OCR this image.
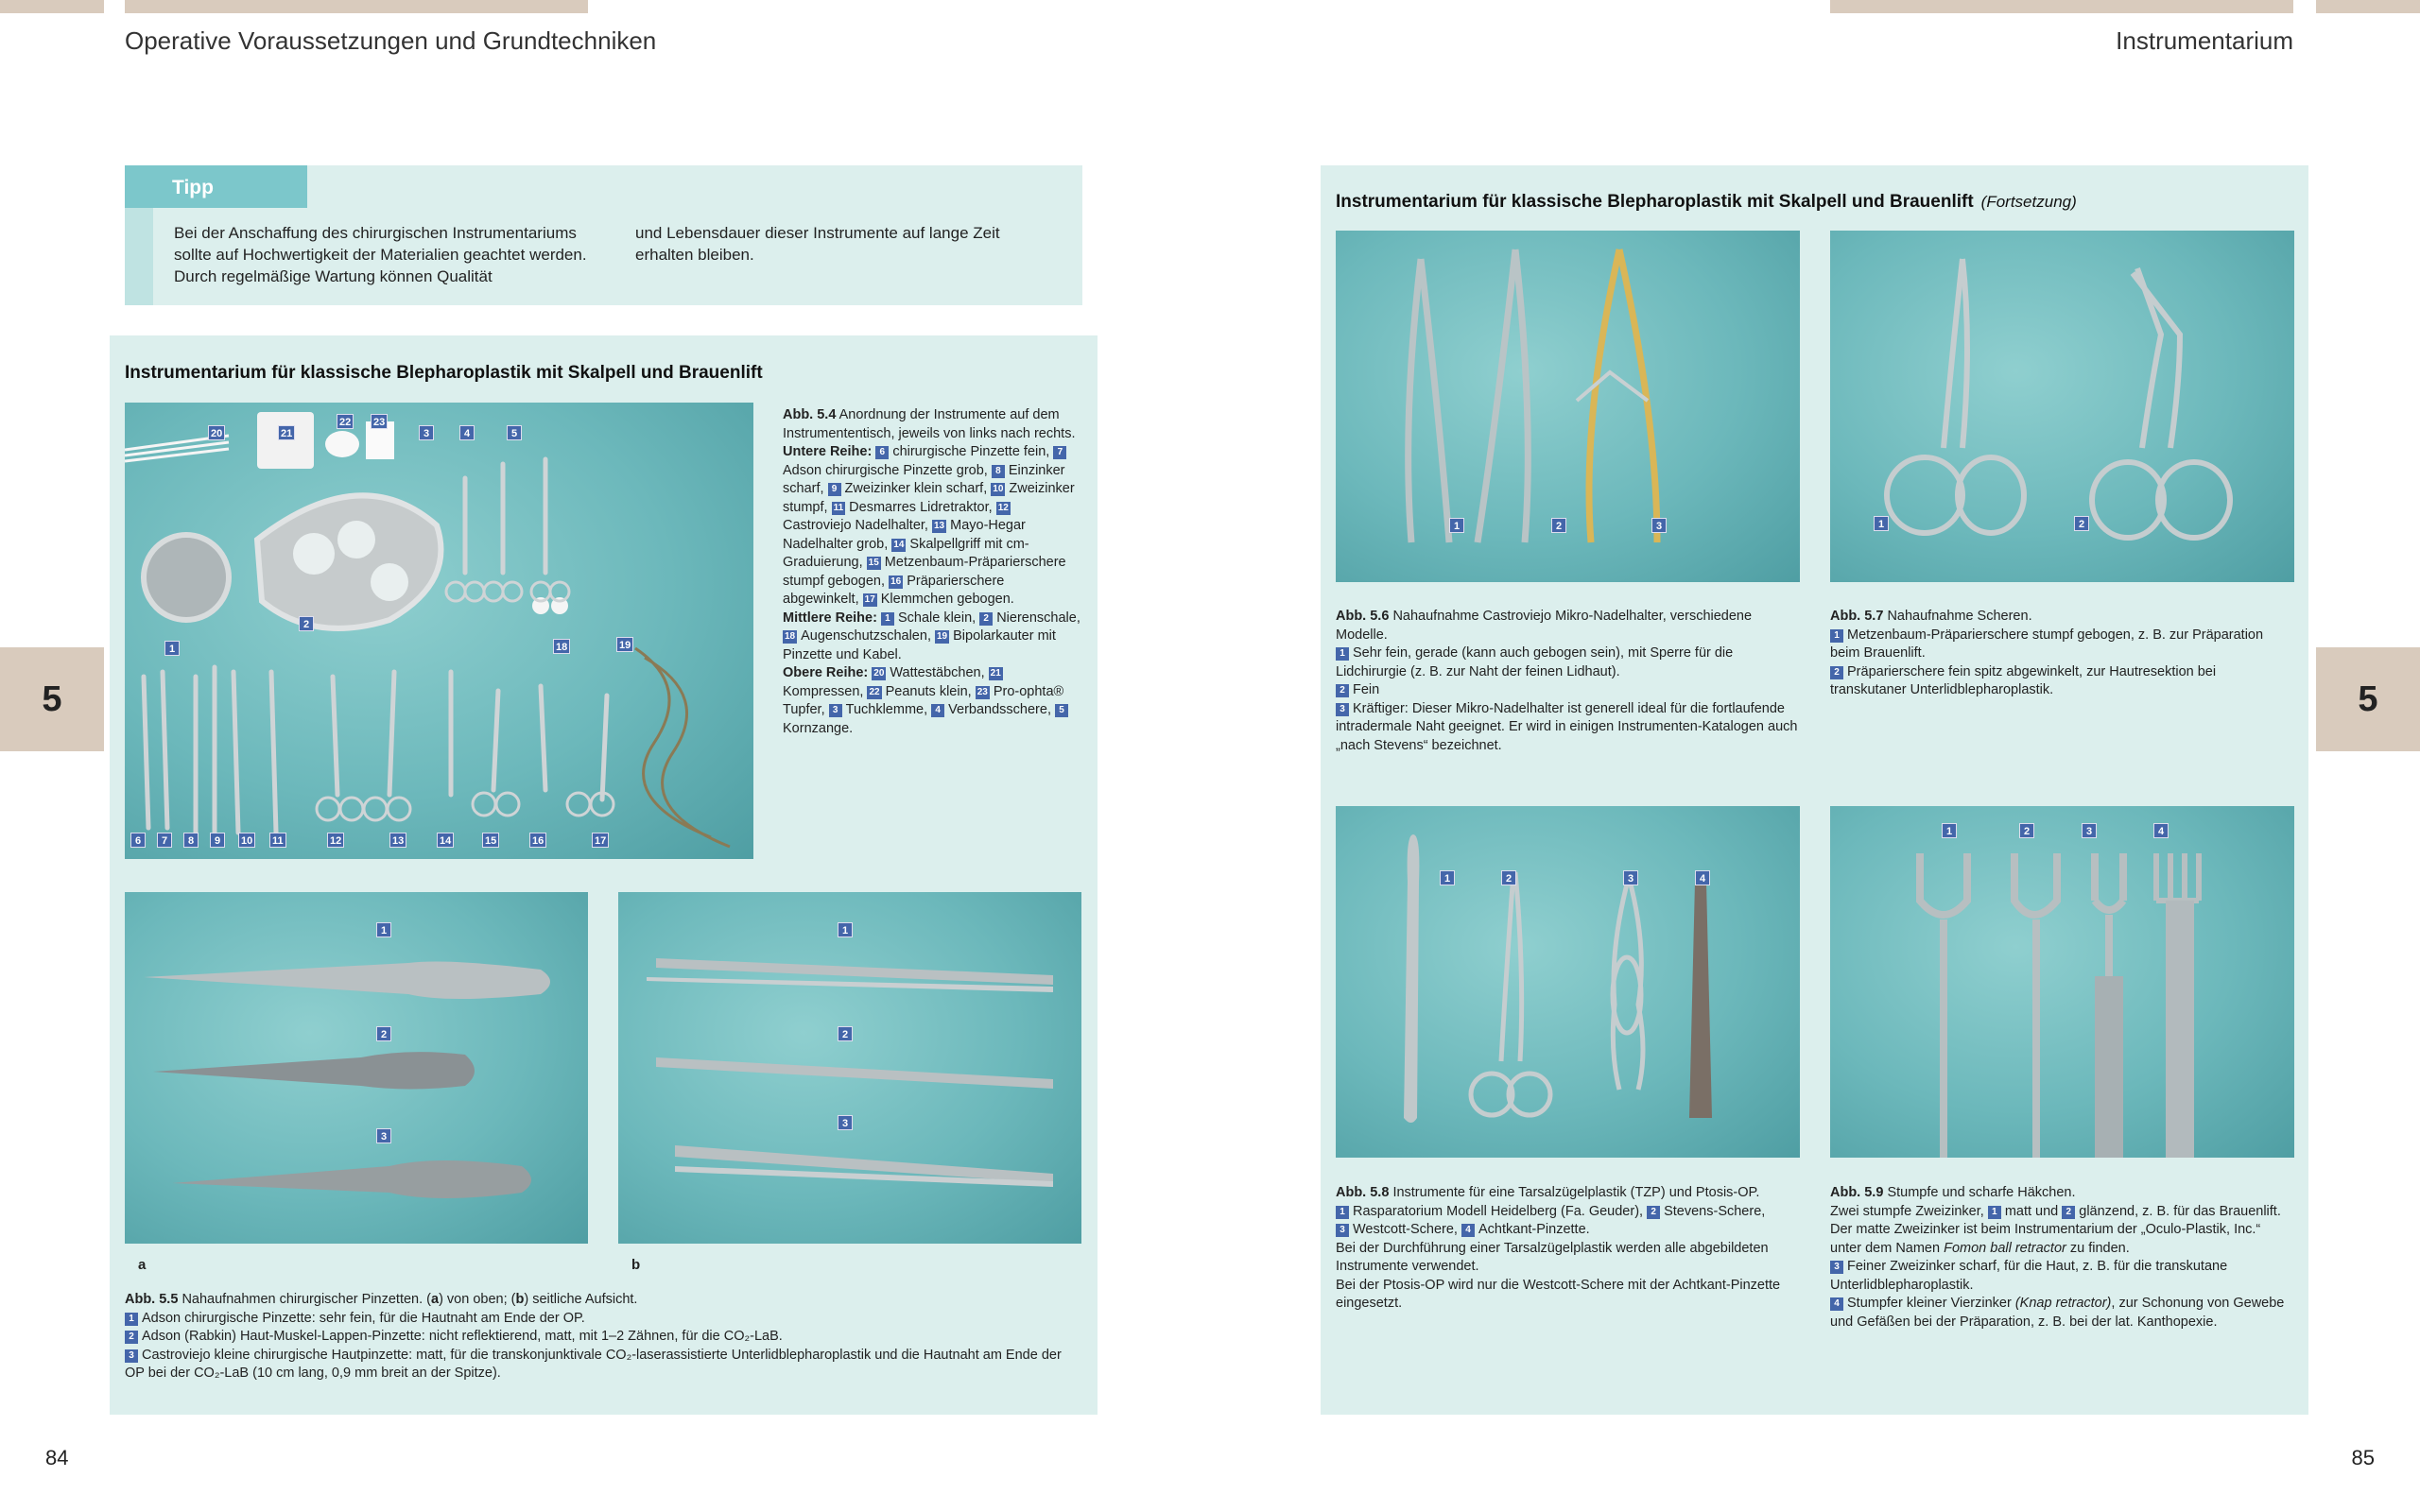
Operative Voraussetzungen und Grundtechniken	Instrumentarium
5	5
84	85
Tipp
Bei der Anschaffung des chirurgischen Instrumentariums sollte auf Hochwertigkeit der Materialien geachtet werden. Durch regelmäßige Wartung können Qualität
und Lebensdauer dieser Instrumente auf lange Zeit erhalten bleiben.
Instrumentarium für klassische Blepharoplastik mit Skalpell und Brauenlift
20	21
22 23
3	4	5
1
2
18	19
6	7	8	9	10 11	12	13	14	15	16	17
Abb. 5.4 Anordnung der Instrumente auf dem Instrumententisch, jeweils von links nach rechts.
Untere Reihe: 6 chirurgische Pinzette fein, 7Adson chirurgische Pinzette grob, 8 Einzinker scharf, 9 Zweizinker klein scharf, 10 Zweizinker stumpf, 11 Desmarres Lidretraktor, 12Castroviejo Nadelhalter, 13 Mayo-Hegar Nadelhalter grob, 14 Skalpellgriff mit cm-Graduierung, 15 Metzenbaum-Präparierschere stumpf gebogen, 16 Präparierschere abgewinkelt, 17 Klemmchen gebogen.
Mittlere Reihe: 1 Schale klein, 2 Nierenschale, 18 Augenschutzschalen, 19 Bipolarkauter mit Pinzette und Kabel.
Obere Reihe: 20 Wattestäbchen, 21Kompressen, 22 Peanuts klein, 23 Pro-ophta® Tupfer, 3 Tuchklemme, 4 Verbandsschere, 5Kornzange.
1
2
3
1
2
3
a	b
Abb. 5.5 Nahaufnahmen chirurgischer Pinzetten. (a) von oben; (b) seitliche Aufsicht.

1 Adson chirurgische Pinzette: sehr fein, für die Hautnaht am Ende der OP.

2 Adson (Rabkin) Haut-Muskel-Lappen-Pinzette: nicht reflektierend, matt, mit 1–2 Zähnen, für die CO₂-LaB.

3 Castroviejo kleine chirurgische Hautpinzette: matt, für die transkonjunktivale CO₂-laserassistierte Unterlidblepharoplastik und die Hautnaht am Ende der OP bei der CO₂-LaB (10 cm lang, 0,9 mm breit an der Spitze).

Instrumentarium für klassische Blepharoplastik mit Skalpell und Brauenlift (Fortsetzung)
1	2	3	1	2
Abb. 5.6 Nahaufnahme Castroviejo Mikro-Nadelhalter, verschiedene Modelle.

1 Sehr fein, gerade (kann auch gebogen sein), mit Sperre für die Lidchirurgie (z. B. zur Naht der feinen Lidhaut).

2 Fein

3 Kräftiger: Dieser Mikro-Nadelhalter ist generell ideal für die fortlaufende intradermale Naht geeignet. Er wird in einigen Instrumenten-Katalogen auch „nach Stevens“ bezeichnet.

Abb. 5.7 Nahaufnahme Scheren.

1 Metzenbaum-Präparierschere stumpf gebogen, z. B. zur Präparation beim Brauenlift.

2 Präparierschere fein spitz abgewinkelt, zur Hautresektion bei transkutaner Unterlidblepharoplastik.

1	2	3	4
1	2	3	4
Abb. 5.8 Instrumente für eine Tarsalzügelplastik (TZP) und Ptosis-OP.

1 Rasparatorium Modell Heidelberg (Fa. Geuder), 2 Stevens-Schere,

3 Westcott-Schere, 4 Achtkant-Pinzette.

Bei der Durchführung einer Tarsalzügelplastik werden alle abgebildeten Instrumente verwendet.

Bei der Ptosis-OP wird nur die Westcott-Schere mit der Achtkant-Pinzette eingesetzt.

Abb. 5.9 Stumpfe und scharfe Häkchen.

Zwei stumpfe Zweizinker, 1 matt und 2 glänzend, z. B. für das Brauenlift. Der matte Zweizinker ist beim Instrumentarium der „Oculo-Plastik, Inc.“ unter dem Namen Fomon ball retractor zu finden.

3 Feiner Zweizinker scharf, für die Haut, z. B. für die transkutane Unterlidblepharoplastik.

4 Stumpfer kleiner Vierzinker (Knap retractor), zur Schonung von Gewebe und Gefäßen bei der Präparation, z. B. bei der lat. Kanthopexie.
